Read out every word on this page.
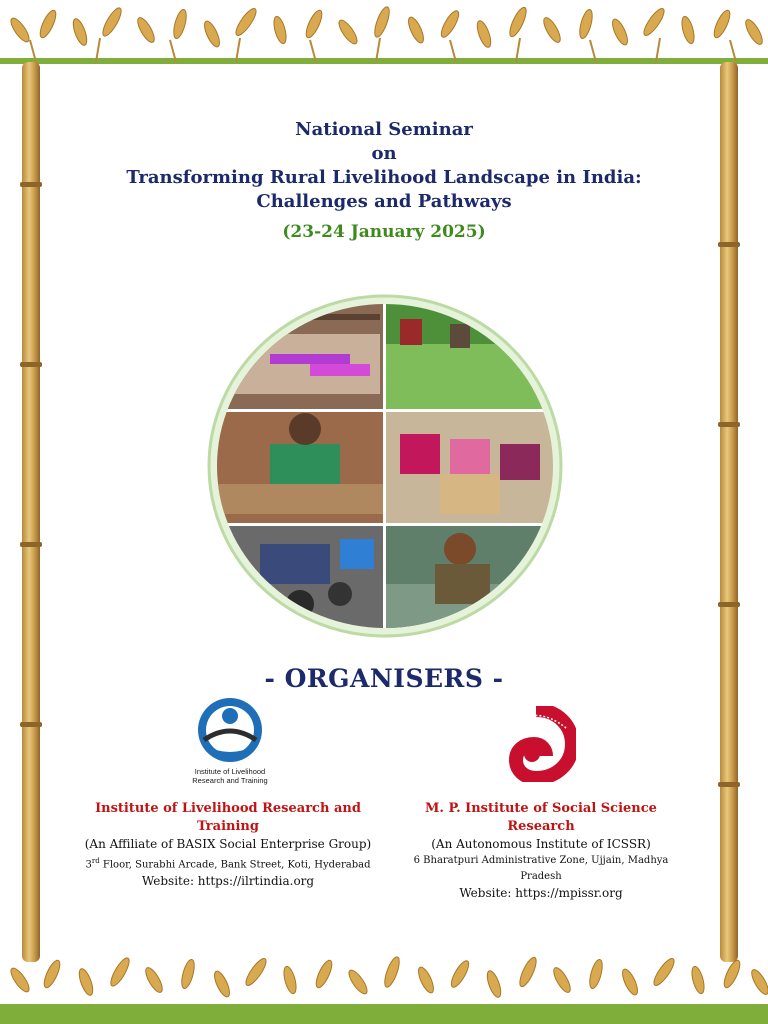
National Seminar
on
Transforming Rural Livelihood Landscape in India:
Challenges and Pathways
(23-24 January 2025)
- ORGANISERS -
Institute of Livelihood
Research and Training
Institute of Livelihood Research and Training
(An Affiliate of BASIX Social Enterprise Group)
3rd Floor, Surabhi Arcade, Bank Street, Koti, Hyderabad
Website: https://ilrtindia.org
M. P. Institute of Social Science Research
(An Autonomous Institute of ICSSR)
6 Bharatpuri Administrative Zone, Ujjain, Madhya Pradesh
Website: https://mpissr.org
